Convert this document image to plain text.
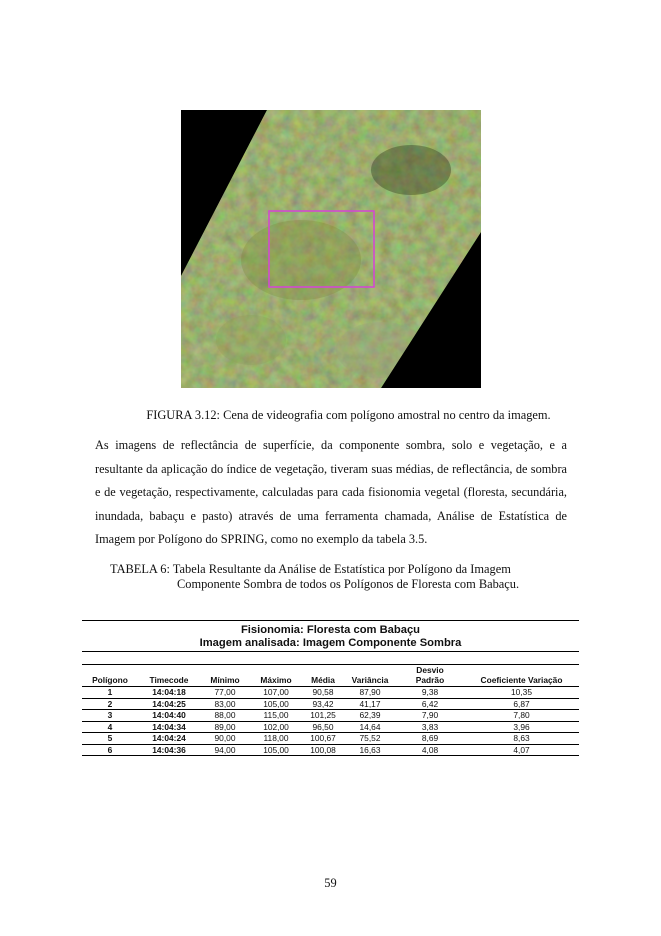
FIGURA 3.12: Cena de videografia com polígono amostral no centro da imagem.
As imagens de reflectância de superfície, da componente sombra, solo e vegetação, e a resultante da aplicação do índice de vegetação, tiveram suas médias, de reflectância, de sombra e de vegetação, respectivamente, calculadas para cada fisionomia vegetal (floresta, secundária, inundada, babaçu e pasto) através de uma ferramenta chamada, Análise de Estatística de Imagem por Polígono do SPRING, como no exemplo da tabela 3.5.
TABELA 6: Tabela Resultante da Análise de Estatística por Polígono da Imagem
Componente Sombra de todos os Polígonos de Floresta com Babaçu.
Fisionomia: Floresta com Babaçu
Imagem analisada: Imagem Componente Sombra
Polígono	Timecode	Mínimo	Máximo	Média	Variância	Desvio Padrão	Coeficiente Variação
1	14:04:18	77,00	107,00	90,58	87,90	9,38	10,35
2	14:04:25	83,00	105,00	93,42	41,17	6,42	6,87
3	14:04:40	88,00	115,00	101,25	62,39	7,90	7,80
4	14:04:34	89,00	102,00	96,50	14,64	3,83	3,96
5	14:04:24	90,00	118,00	100,67	75,52	8,69	8,63
6	14:04:36	94,00	105,00	100,08	16,63	4,08	4,07
59
